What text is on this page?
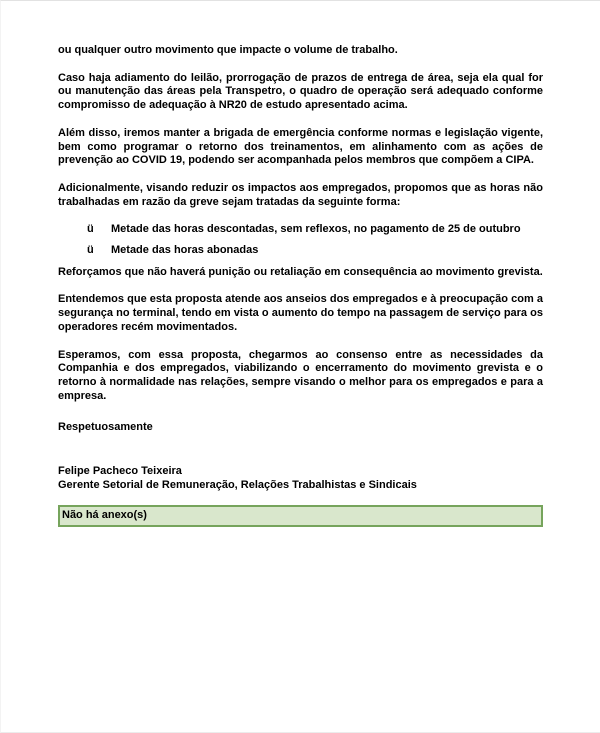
ou qualquer outro movimento que impacte o volume de trabalho.

Caso haja adiamento do leilão, prorrogação de prazos de entrega de área, seja ela qual for ou manutenção das áreas pela Transpetro, o quadro de operação será adequado conforme compromisso de adequação à NR20 de estudo apresentado acima.

Além disso, iremos manter a brigada de emergência conforme normas e legislação vigente, bem como programar o retorno dos treinamentos, em alinhamento com as ações de prevenção ao COVID 19, podendo ser acompanhada pelos membros que compõem a CIPA.

Adicionalmente, visando reduzir os impactos aos empregados, propomos que as horas não trabalhadas em razão da greve sejam tratadas da seguinte forma:

ü	Metade das horas descontadas, sem reflexos, no pagamento de 25 de outubro
ü	Metade das horas abonadas

Reforçamos que não haverá punição ou retaliação em consequência ao movimento grevista.

Entendemos que esta proposta atende aos anseios dos empregados e à preocupação com a segurança no terminal, tendo em vista o aumento do tempo na passagem de serviço para os operadores recém movimentados.

Esperamos, com essa proposta, chegarmos ao consenso entre as necessidades da Companhia e dos empregados, viabilizando o encerramento do movimento grevista e o retorno à normalidade nas relações, sempre visando o melhor para os empregados e para a empresa.

Respetuosamente

Felipe Pacheco Teixeira
Gerente Setorial de Remuneração, Relações Trabalhistas e Sindicais
Não há anexo(s)
